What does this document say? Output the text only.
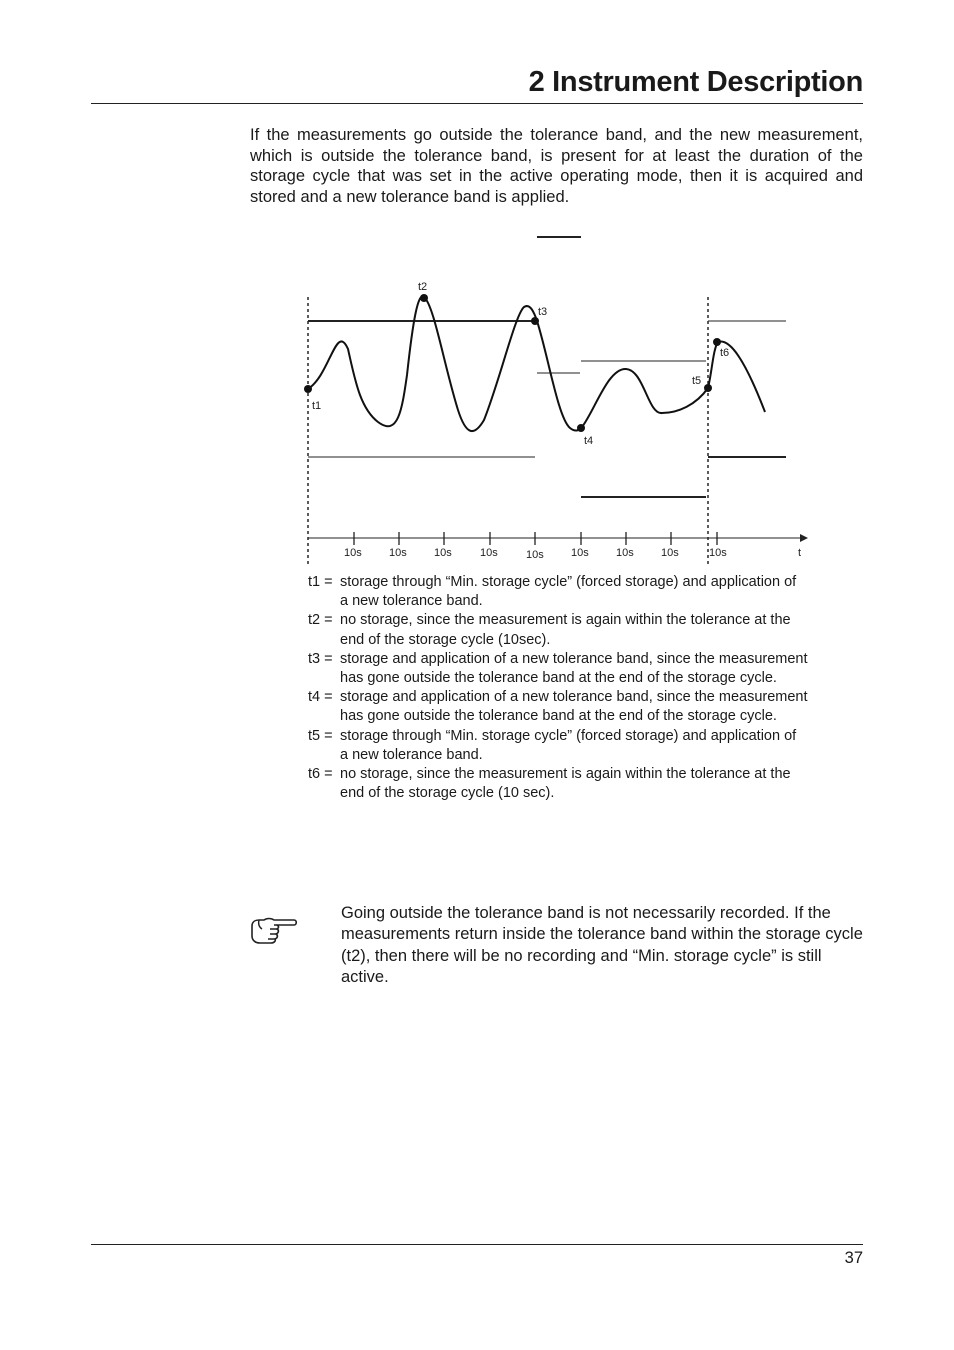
2 Instrument Description

If the measurements go outside the tolerance band, and the new measurement, which is outside the tolerance band, is present for at least the duration of the storage cycle that was set in the active operating mode, then it is acquired and stored and a new tolerance band is applied.

t1
t2
t3
t4
t5
t6
10s 10s 10s	10s	10s 10s 10s 10s	10s	t
t1 = storage through “Min. storage cycle” (forced storage) and application of a new tolerance band.
t2 = no storage, since the measurement is again within the tolerance at the end of the storage cycle (10sec).
t3 = storage and application of a new tolerance band, since the measurement has gone outside the tolerance band at the end of the storage cycle.
t4 = storage and application of a new tolerance band, since the measurement has gone outside the tolerance band at the end of the storage cycle.
t5 = storage through “Min. storage cycle” (forced storage) and application of a new tolerance band.
t6 = no storage, since the measurement is again within the tolerance at the end of the storage cycle (10 sec).

Going outside the tolerance band is not necessarily recorded. If the measurements return inside the tolerance band within the storage cycle (t2), then there will be no recording and “Min. storage cycle” is still active.

37
